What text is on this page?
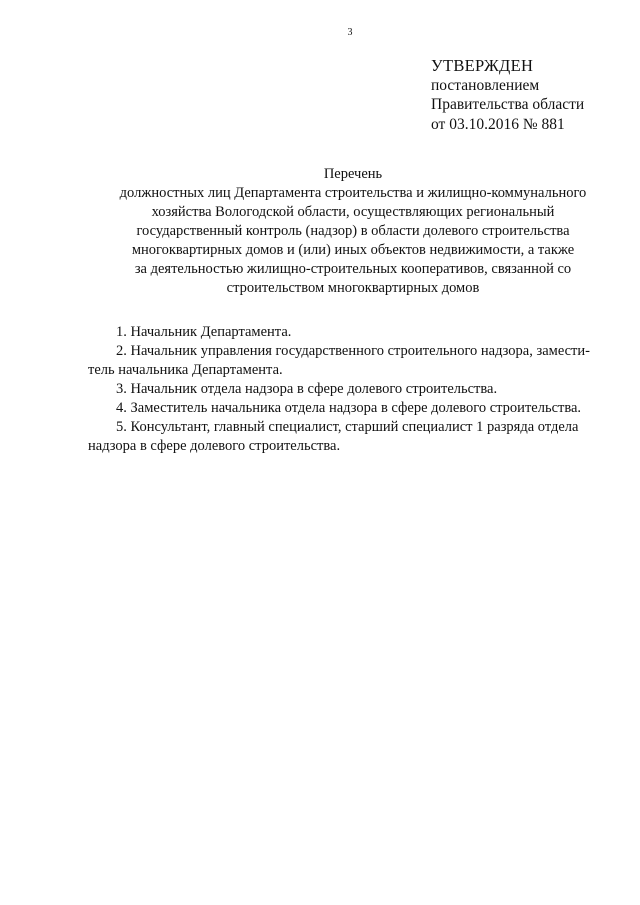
3
УТВЕРЖДЕН
постановлением
Правительства области
от 03.10.2016 № 881
Перечень
должностных лиц Департамента строительства и жилищно-коммунального
хозяйства Вологодской области, осуществляющих региональный
государственный контроль (надзор) в области долевого строительства
многоквартирных домов и (или) иных объектов недвижимости, а также
за деятельностью жилищно-строительных кооперативов, связанной со
строительством многоквартирных домов
1. Начальник Департамента.
2. Начальник управления государственного строительного надзора, замести-
тель начальника Департамента.
3. Начальник отдела надзора в сфере долевого строительства.
4. Заместитель начальника отдела надзора в сфере долевого строительства.
5. Консультант, главный специалист, старший специалист 1 разряда отдела
надзора в сфере долевого строительства.
